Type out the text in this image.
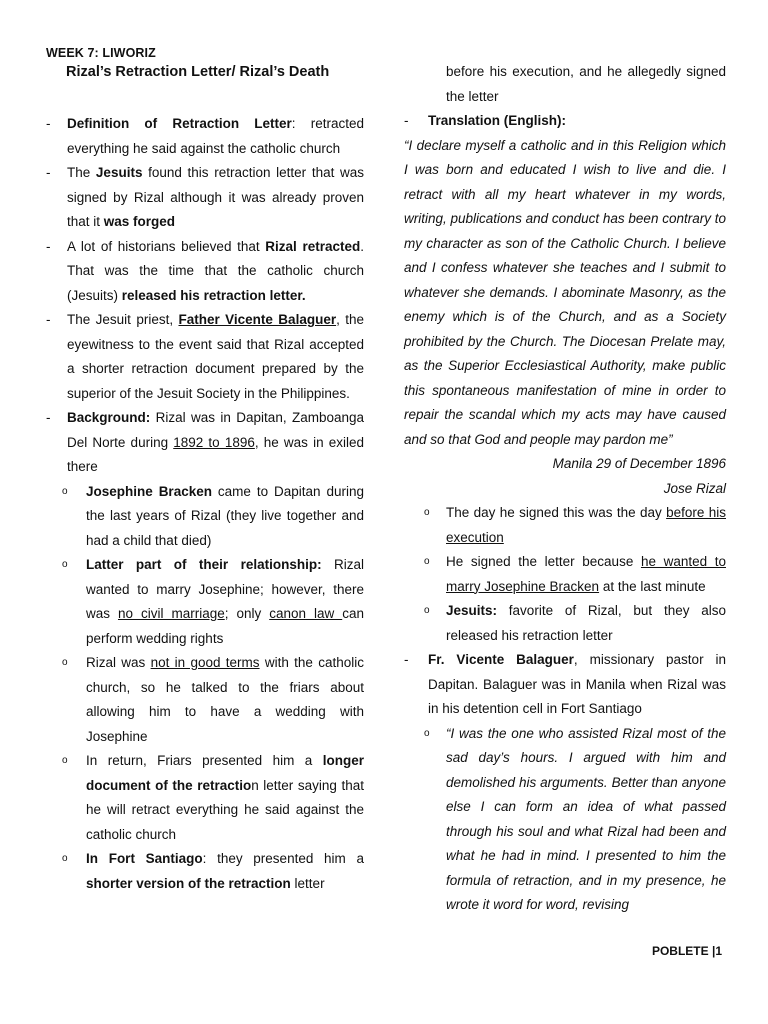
WEEK 7: LIWORIZ
Rizal’s Retraction Letter/ Rizal’s Death
- Definition of Retraction Letter: retracted everything he said against the catholic church
- The Jesuits found this retraction letter that was signed by Rizal although it was already proven that it was forged
- A lot of historians believed that Rizal retracted. That was the time that the catholic church (Jesuits) released his retraction letter.
- The Jesuit priest, Father Vicente Balaguer, the eyewitness to the event said that Rizal accepted a shorter retraction document prepared by the superior of the Jesuit Society in the Philippines.
- Background: Rizal was in Dapitan, Zamboanga Del Norte during 1892 to 1896, he was in exiled there
o Josephine Bracken came to Dapitan during the last years of Rizal (they live together and had a child that died)
o Latter part of their relationship: Rizal wanted to marry Josephine; however, there was no civil marriage; only canon law can perform wedding rights
o Rizal was not in good terms with the catholic church, so he talked to the friars about allowing him to have a wedding with Josephine
o In return, Friars presented him a longer document of the retraction letter saying that he will retract everything he said against the catholic church
o In Fort Santiago: they presented him a shorter version of the retraction letter
before his execution, and he allegedly signed the letter
- Translation (English):
“I declare myself a catholic and in this Religion which I was born and educated I wish to live and die. I retract with all my heart whatever in my words, writing, publications and conduct has been contrary to my character as son of the Catholic Church. I believe and I confess whatever she teaches and I submit to whatever she demands. I abominate Masonry, as the enemy which is of the Church, and as a Society prohibited by the Church. The Diocesan Prelate may, as the Superior Ecclesiastical Authority, make public this spontaneous manifestation of mine in order to repair the scandal which my acts may have caused and so that God and people may pardon me”
Manila 29 of December 1896
Jose Rizal
o The day he signed this was the day before his execution
o He signed the letter because he wanted to marry Josephine Bracken at the last minute
o Jesuits: favorite of Rizal, but they also released his retraction letter
- Fr. Vicente Balaguer, missionary pastor in Dapitan. Balaguer was in Manila when Rizal was in his detention cell in Fort Santiago
o “I was the one who assisted Rizal most of the sad day’s hours. I argued with him and demolished his arguments. Better than anyone else I can form an idea of what passed through his soul and what Rizal had been and what he had in mind. I presented to him the formula of retraction, and in my presence, he wrote it word for word, revising
POBLETE |1
